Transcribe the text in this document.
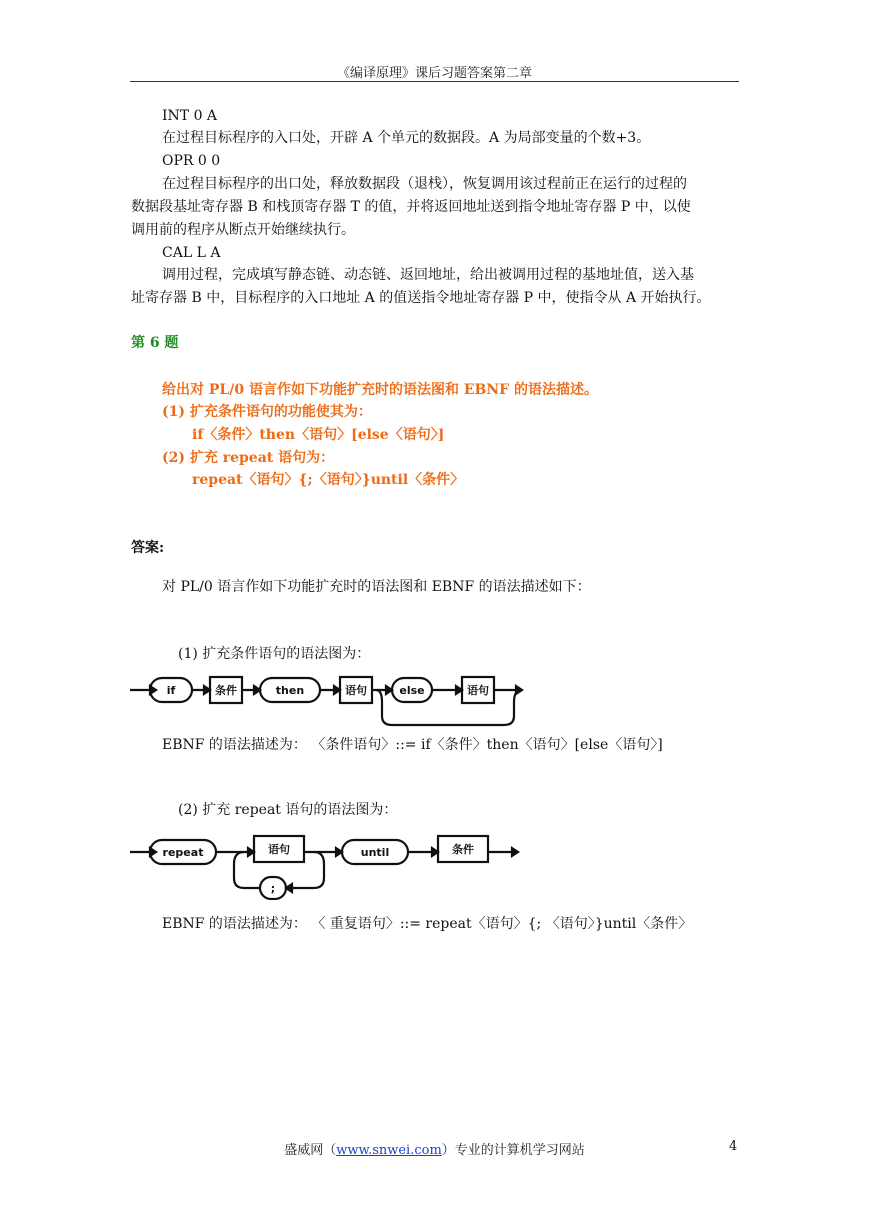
《编译原理》课后习题答案第二章
INT 0 A
在过程目标程序的入口处，开辟 A 个单元的数据段。A 为局部变量的个数+3。
OPR 0 0
在过程目标程序的出口处，释放数据段（退栈），恢复调用该过程前正在运行的过程的
数据段基址寄存器 B 和栈顶寄存器 T 的值，并将返回地址送到指令地址寄存器 P 中，以使
调用前的程序从断点开始继续执行。
CAL L A
调用过程，完成填写静态链、动态链、返回地址，给出被调用过程的基地址值，送入基
址寄存器 B 中，目标程序的入口地址 A 的值送指令地址寄存器 P 中，使指令从 A 开始执行。
第 6 题
给出对 PL/0 语言作如下功能扩充时的语法图和 EBNF 的语法描述。
(1) 扩充条件语句的功能使其为：
if〈条件〉then〈语句〉[else〈语句〉]
(2) 扩充 repeat 语句为：
repeat〈语句〉{;〈语句〉}until〈条件〉
答案:
对 PL/0 语言作如下功能扩充时的语法图和 EBNF 的语法描述如下：
(1) 扩充条件语句的语法图为：
if	条件	then	语句	else	语句
EBNF 的语法描述为： 〈条件语句〉::= if〈条件〉then〈语句〉[else〈语句〉]
(2) 扩充 repeat 语句的语法图为：
repeat	语句	until	条件
;
EBNF 的语法描述为： 〈 重复语句〉::= repeat〈语句〉{; 〈语句〉}until〈条件〉
盛威网（www.snwei.com）专业的计算机学习网站	4
